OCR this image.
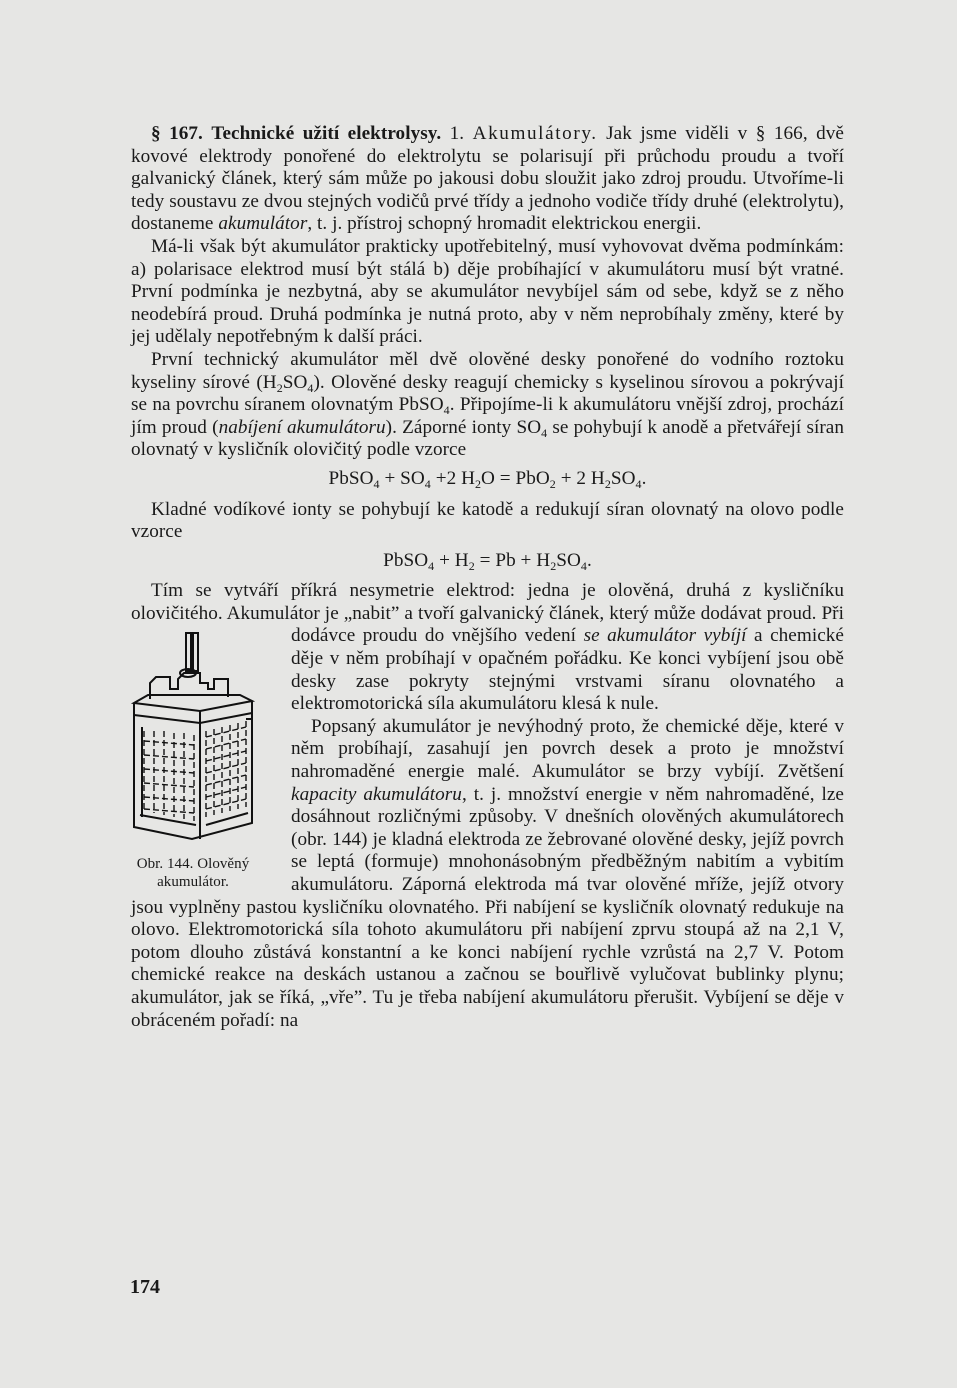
§ 167. Technické užití elektrolysy. 1. Akumulátory. Jak jsme viděli v § 166, dvě kovové elektrody ponořené do elektrolytu se polarisují při průchodu proudu a tvoří galvanický článek, který sám může po jakousi dobu sloužit jako zdroj proudu. Utvoříme-li tedy soustavu ze dvou stejných vodičů prvé třídy a jednoho vodiče třídy druhé (elektrolytu), dostaneme akumulátor, t. j. přístroj schopný hromadit elektrickou energii.

Má-li však být akumulátor prakticky upotřebitelný, musí vyhovovat dvěma podmínkám: a) polarisace elektrod musí být stálá b) děje probíhající v akumulátoru musí být vratné. První podmínka je nezbytná, aby se akumulátor nevybíjel sám od sebe, když se z něho neodebírá proud. Druhá podmínka je nutná proto, aby v něm neprobíhaly změny, které by jej udělaly nepotřebným k další práci.

První technický akumulátor měl dvě olověné desky ponořené do vodního roztoku kyseliny sírové $(H_2SO_4)$. Olověné desky reagují chemicky s kyselinou sírovou a pokrývají se na povrchu síranem olovnatým PbSO$_4$. Připojíme-li k akumulátoru vnější zdroj, prochází jím proud (nabíjení akumulátoru). Záporné ionty $SO_4$ se pohybují k anodě a přetvářejí síran olovnatý v kysličník olovičitý podle vzorce

PbSO$_4$ + $SO_4 +2$ $H_2O = PbO_2 + 2$ $H_2SO_4$.

Kladné vodíkové ionty se pohybují ke katodě a redukují síran olovnatý na olovo podle vzorce

PbSO$_4$ + $H_2 = Pb + H_2SO_4$.

Tím se vytváří příkrá nesymetrie elektrod: jedna je olověná, druhá z kysličníku olovičitého. Akumulátor je „nabit” a tvoří galvanický článek, který může dodávat proud. Při dodávce proudu do vnějšího vedení se akumulátor vybíjí
Obr. 144. Olověný
akumulátor.
a chemické děje v něm probíhají v opačném pořádku. Ke konci vybíjení jsou obě desky zase pokryty stejnými vrstvami síranu olovnatého a elektromotorická síla akumulátoru klesá k nule.

Popsaný akumulátor je nevýhodný proto, že chemické děje, které v něm probíhají, zasahují jen povrch desek a proto je množství nahromaděné energie malé. Akumulátor se brzy vybíjí. Zvětšení kapacity akumulátoru, t. j. množství energie v něm nahromaděné, lze dosáhnout rozličnými způsoby. V dnešních olověných akumulátorech (obr. 144) je kladná elektroda ze žebrované olověné desky, jejíž povrch se leptá (formuje) mnohonásobným předběžným nabitím a vybitím akumulátoru. Záporná elektroda má tvar olověné mříže, jejíž otvory jsou vyplněny pastou kysličníku olovnatého. Při nabíjení se kysličník olovnatý redukuje na olovo. Elektromotorická síla tohoto akumulátoru při nabíjení zprvu stoupá až na 2,1 V, potom dlouho zůstává konstantní a ke konci nabíjení rychle vzrůstá na 2,7 V. Potom chemické reakce na deskách ustanou a začnou se bouřlivě vylučovat bublinky plynu; akumulátor, jak se říká, „vře”. Tu je třeba nabíjení akumulátoru přerušit. Vybíjení se děje v obráceném pořadí: na

174
